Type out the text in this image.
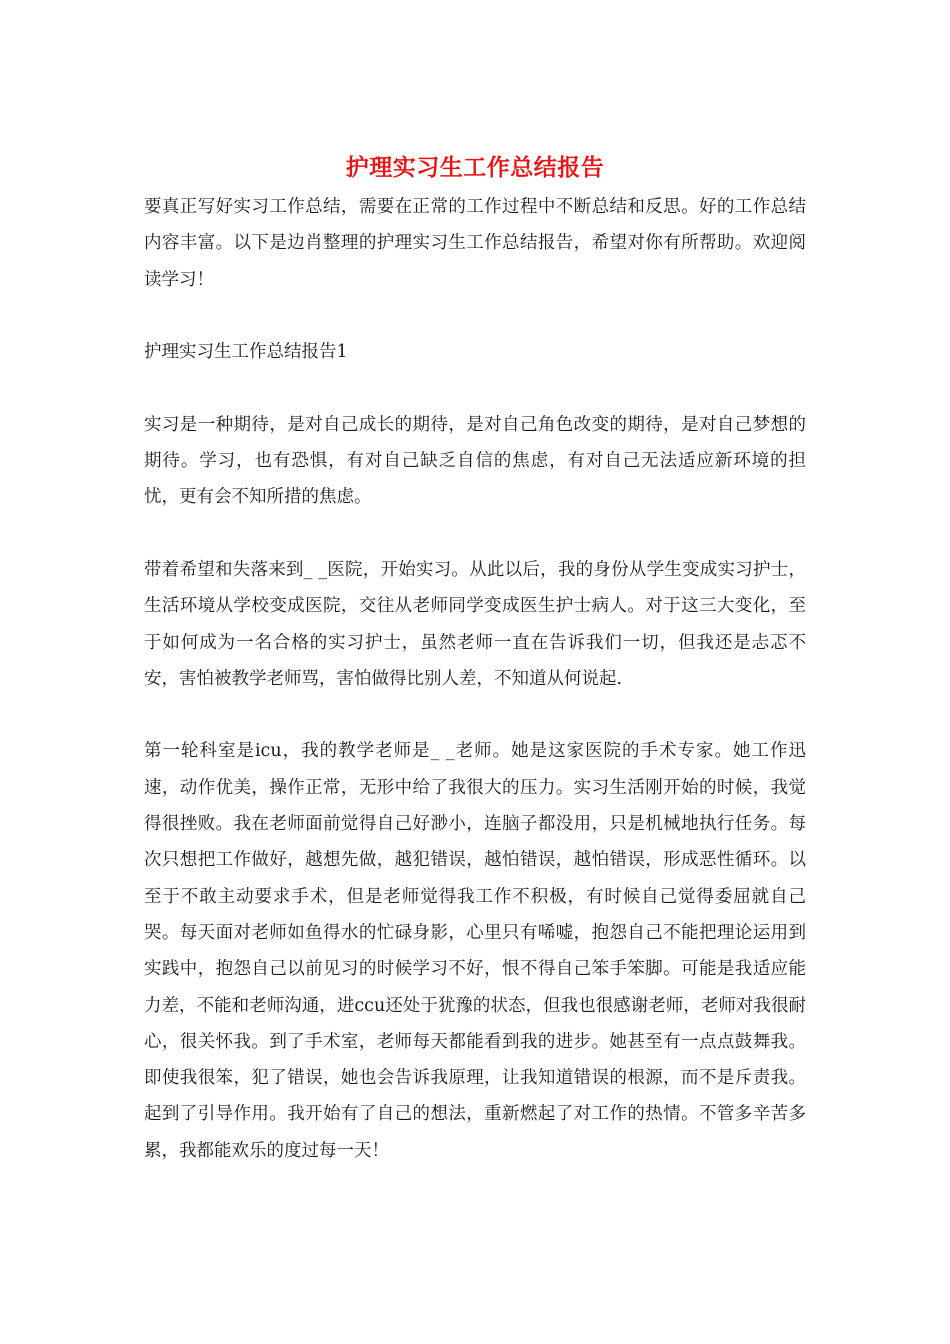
护理实习生工作总结报告

要真正写好实习工作总结，需要在正常的工作过程中不断总结和反思。好的工作总结内容丰富。以下是边肖整理的护理实习生工作总结报告，希望对你有所帮助。欢迎阅读学习！

护理实习生工作总结报告1

实习是一种期待，是对自己成长的期待，是对自己角色改变的期待，是对自己梦想的期待。学习，也有恐惧，有对自己缺乏自信的焦虑，有对自己无法适应新环境的担忧，更有会不知所措的焦虑。

带着希望和失落来到_ _医院，开始实习。从此以后，我的身份从学生变成实习护士，生活环境从学校变成医院，交往从老师同学变成医生护士病人。对于这三大变化，至于如何成为一名合格的实习护士，虽然老师一直在告诉我们一切，但我还是忐忑不安，害怕被教学老师骂，害怕做得比别人差，不知道从何说起.

第一轮科室是icu，我的教学老师是_ _老师。她是这家医院的手术专家。她工作迅速，动作优美，操作正常，无形中给了我很大的压力。实习生活刚开始的时候，我觉得很挫败。我在老师面前觉得自己好渺小，连脑子都没用，只是机械地执行任务。每次只想把工作做好，越想先做，越犯错误，越怕错误，越怕错误，形成恶性循环。以至于不敢主动要求手术，但是老师觉得我工作不积极，有时候自己觉得委屈就自己哭。每天面对老师如鱼得水的忙碌身影，心里只有唏嘘，抱怨自己不能把理论运用到实践中，抱怨自己以前见习的时候学习不好，恨不得自己笨手笨脚。可能是我适应能力差，不能和老师沟通，进ccu还处于犹豫的状态，但我也很感谢老师，老师对我很耐心，很关怀我。到了手术室，老师每天都能看到我的进步。她甚至有一点点鼓舞我。即使我很笨，犯了错误，她也会告诉我原理，让我知道错误的根源，而不是斥责我。起到了引导作用。我开始有了自己的想法，重新燃起了对工作的热情。不管多辛苦多累，我都能欢乐的度过每一天！
